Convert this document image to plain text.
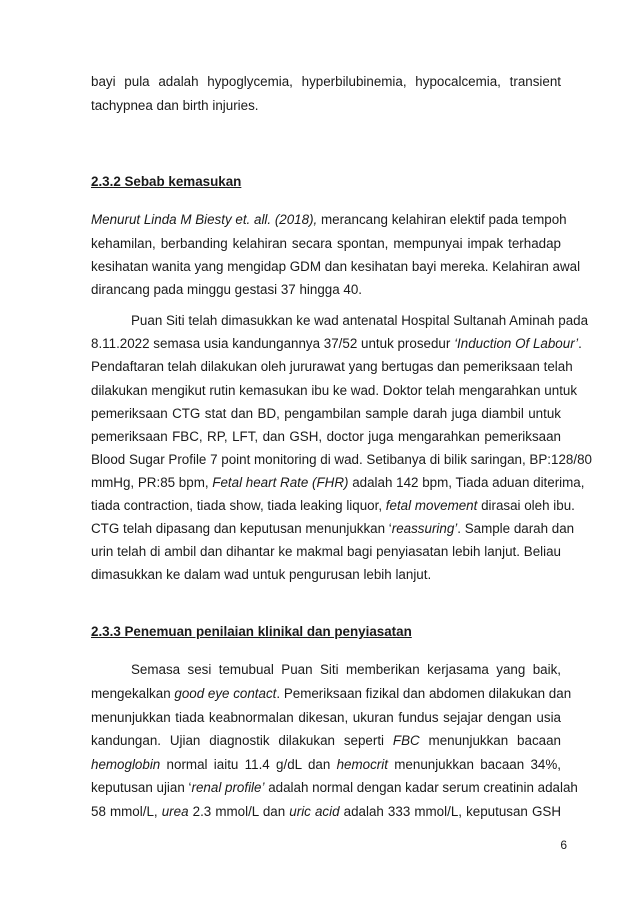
bayi pula adalah hypoglycemia, hyperbilubinemia, hypocalcemia, transient
tachypnea dan birth injuries.
2.3.2 Sebab kemasukan
Menurut Linda M Biesty et. all. (2018), merancang kelahiran elektif pada tempoh
kehamilan, berbanding kelahiran secara spontan, mempunyai impak terhadap
kesihatan wanita yang mengidap GDM dan kesihatan bayi mereka. Kelahiran awal
dirancang pada minggu gestasi 37 hingga 40.
Puan Siti telah dimasukkan ke wad antenatal Hospital Sultanah Aminah pada
8.11.2022 semasa usia kandungannya 37/52 untuk prosedur ‘Induction Of Labour’.
Pendaftaran telah dilakukan oleh jururawat yang bertugas dan pemeriksaan telah
dilakukan mengikut rutin kemasukan ibu ke wad. Doktor telah mengarahkan untuk
pemeriksaan CTG stat dan BD, pengambilan sample darah juga diambil untuk
pemeriksaan FBC, RP, LFT, dan GSH, doctor juga mengarahkan pemeriksaan
Blood Sugar Profile 7 point monitoring di wad. Setibanya di bilik saringan, BP:128/80
mmHg, PR:85 bpm, Fetal heart Rate (FHR) adalah 142 bpm, Tiada aduan diterima,
tiada contraction, tiada show, tiada leaking liquor, fetal movement dirasai oleh ibu.
CTG telah dipasang dan keputusan menunjukkan ‘reassuring’. Sample darah dan
urin telah di ambil dan dihantar ke makmal bagi penyiasatan lebih lanjut. Beliau
dimasukkan ke dalam wad untuk pengurusan lebih lanjut.
2.3.3 Penemuan penilaian klinikal dan penyiasatan
Semasa sesi temubual Puan Siti memberikan kerjasama yang baik,
mengekalkan good eye contact. Pemeriksaan fizikal dan abdomen dilakukan dan
menunjukkan tiada keabnormalan dikesan, ukuran fundus sejajar dengan usia
kandungan. Ujian diagnostik dilakukan seperti FBC menunjukkan bacaan
hemoglobin normal iaitu 11.4 g/dL dan hemocrit menunjukkan bacaan 34%,
keputusan ujian ‘renal profile’ adalah normal dengan kadar serum creatinin adalah
58 mmol/L, urea 2.3 mmol/L dan uric acid adalah 333 mmol/L, keputusan GSH
6
